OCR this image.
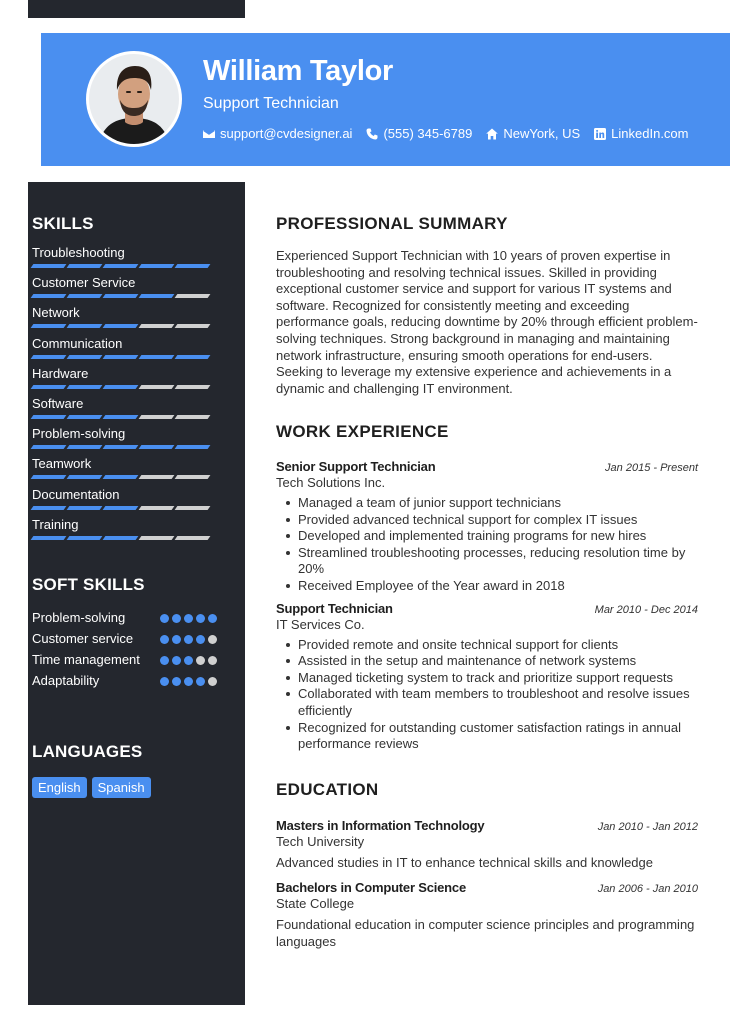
William Taylor
Support Technician
support@cvdesigner.ai (555) 345-6789 NewYork, US LinkedIn.com
SKILLS
Troubleshooting
Customer Service
Network
Communication
Hardware
Software
Problem-solving
Teamwork
Documentation
Training
SOFT SKILLS
Problem-solving
Customer service
Time management
Adaptability
LANGUAGES
English	Spanish
PROFESSIONAL SUMMARY

Experienced Support Technician with 10 years of proven expertise in troubleshooting and resolving technical issues. Skilled in providing exceptional customer service and support for various IT systems and software. Recognized for consistently meeting and exceeding performance goals, reducing downtime by 20% through efficient problem-solving techniques. Strong background in managing and maintaining network infrastructure, ensuring smooth operations for end-users. Seeking to leverage my extensive experience and achievements in a dynamic and challenging IT environment.

WORK EXPERIENCE
Senior Support Technician	Jan 2015 - Present
Tech Solutions Inc.
Managed a team of junior support technicians
Provided advanced technical support for complex IT issues
Developed and implemented training programs for new hires
Streamlined troubleshooting processes, reducing resolution time by 20%
Received Employee of the Year award in 2018
Support Technician	Mar 2010 - Dec 2014
IT Services Co.
Provided remote and onsite technical support for clients
Assisted in the setup and maintenance of network systems
Managed ticketing system to track and prioritize support requests
Collaborated with team members to troubleshoot and resolve issues efficiently
Recognized for outstanding customer satisfaction ratings in annual performance reviews
EDUCATION
Masters in Information Technology	Jan 2010 - Jan 2012
Tech University
Advanced studies in IT to enhance technical skills and knowledge
Bachelors in Computer Science	Jan 2006 - Jan 2010
State College
Foundational education in computer science principles and programming languages
